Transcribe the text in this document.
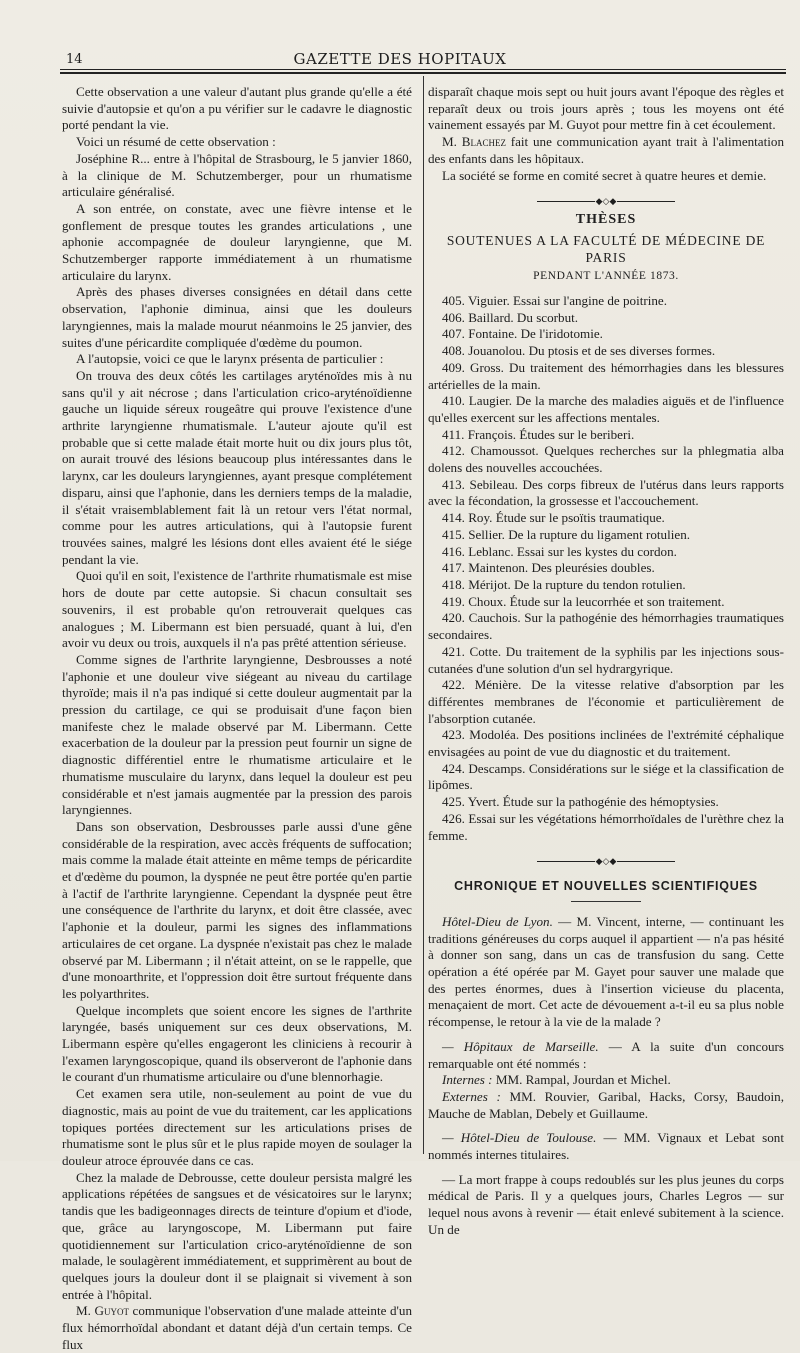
14	GAZETTE DES HOPITAUX

Cette observation a une valeur d'autant plus grande qu'elle a été suivie d'autopsie et qu'on a pu vérifier sur le cadavre le diagnostic porté pendant la vie.

Voici un résumé de cette observation :

Joséphine R... entre à l'hôpital de Strasbourg, le 5 janvier 1860, à la clinique de M. Schutzemberger, pour un rhumatisme articulaire généralisé.

A son entrée, on constate, avec une fièvre intense et le gonflement de presque toutes les grandes articulations , une aphonie accompagnée de douleur laryngienne, que M. Schutzemberger rapporte immédiatement à un rhumatisme articulaire du larynx.

Après des phases diverses consignées en détail dans cette observation, l'aphonie diminua, ainsi que les douleurs laryngiennes, mais la malade mourut néanmoins le 25 janvier, des suites d'une péricardite compliquée d'œdème du poumon.

A l'autopsie, voici ce que le larynx présenta de particulier :

On trouva des deux côtés les cartilages aryténoïdes mis à nu sans qu'il y ait nécrose ; dans l'articulation crico-aryténoïdienne gauche un liquide séreux rougeâtre qui prouve l'existence d'une arthrite laryngienne rhumatismale. L'auteur ajoute qu'il est probable que si cette malade était morte huit ou dix jours plus tôt, on aurait trouvé des lésions beaucoup plus intéressantes dans le larynx, car les douleurs laryngiennes, ayant presque complétement disparu, ainsi que l'aphonie, dans les derniers temps de la maladie, il s'était vraisemblablement fait là un retour vers l'état normal, comme pour les autres articulations, qui à l'autopsie furent trouvées saines, malgré les lésions dont elles avaient été le siége pendant la vie.

Quoi qu'il en soit, l'existence de l'arthrite rhumatismale est mise hors de doute par cette autopsie. Si chacun consultait ses souvenirs, il est probable qu'on retrouverait quelques cas analogues ; M. Libermann est bien persuadé, quant à lui, d'en avoir vu deux ou trois, auxquels il n'a pas prêté attention sérieuse.

Comme signes de l'arthrite laryngienne, Desbrousses a noté l'aphonie et une douleur vive siégeant au niveau du cartilage thyroïde; mais il n'a pas indiqué si cette douleur augmentait par la pression du cartilage, ce qui se produisait d'une façon bien manifeste chez le malade observé par M. Libermann. Cette exacerbation de la douleur par la pression peut fournir un signe de diagnostic différentiel entre le rhumatisme articulaire et le rhumatisme musculaire du larynx, dans lequel la douleur est peu considérable et n'est jamais augmentée par la pression des parois laryngiennes.

Dans son observation, Desbrousses parle aussi d'une gêne considérable de la respiration, avec accès fréquents de suffocation; mais comme la malade était atteinte en même temps de péricardite et d'œdème du poumon, la dyspnée ne peut être portée qu'en partie à l'actif de l'arthrite laryngienne. Cependant la dyspnée peut être une conséquence de l'arthrite du larynx, et doit être classée, avec l'aphonie et la douleur, parmi les signes des inflammations articulaires de cet organe. La dyspnée n'existait pas chez le malade observé par M. Libermann ; il n'était atteint, on se le rappelle, que d'une monoarthrite, et l'oppression doit être surtout fréquente dans les polyarthrites.

Quelque incomplets que soient encore les signes de l'arthrite laryngée, basés uniquement sur ces deux observations, M. Libermann espère qu'elles engageront les cliniciens à recourir à l'examen laryngoscopique, quand ils observeront de l'aphonie dans le courant d'un rhumatisme articulaire ou d'une blennorhagie.

Cet examen sera utile, non-seulement au point de vue du diagnostic, mais au point de vue du traitement, car les applications topiques portées directement sur les articulations prises de rhumatisme sont le plus sûr et le plus rapide moyen de soulager la douleur atroce éprouvée dans ce cas.

Chez la malade de Debrousse, cette douleur persista malgré les applications répétées de sangsues et de vésicatoires sur le larynx; tandis que les badigeonnages directs de teinture d'opium et d'iode, que, grâce au laryngoscope, M. Libermann put faire quotidiennement sur l'articulation crico-aryténoïdienne de son malade, le soulagèrent immédiatement, et supprimèrent au bout de quelques jours la douleur dont il se plaignait si vivement à son entrée à l'hôpital.

M. Guyot communique l'observation d'une malade atteinte d'un flux hémorrhoïdal abondant et datant déjà d'un certain temps. Ce flux

disparaît chaque mois sept ou huit jours avant l'époque des règles et reparaît deux ou trois jours après ; tous les moyens ont été vainement essayés par M. Guyot pour mettre fin à cet écoulement.

M. Blachez fait une communication ayant trait à l'alimentation des enfants dans les hôpitaux.

La société se forme en comité secret à quatre heures et demie.

◆◇◆
THÈSES
SOUTENUES A LA FACULTÉ DE MÉDECINE DE PARIS
PENDANT L'ANNÉE 1873.

405. Viguier. Essai sur l'angine de poitrine.

406. Baillard. Du scorbut.

407. Fontaine. De l'iridotomie.

408. Jouanolou. Du ptosis et de ses diverses formes.

409. Gross. Du traitement des hémorrhagies dans les blessures artérielles de la main.

410. Laugier. De la marche des maladies aiguës et de l'influence qu'elles exercent sur les affections mentales.

411. François. Études sur le beriberi.

412. Chamoussot. Quelques recherches sur la phlegmatia alba dolens des nouvelles accouchées.

413. Sebileau. Des corps fibreux de l'utérus dans leurs rapports avec la fécondation, la grossesse et l'accouchement.

414. Roy. Étude sur le psoïtis traumatique.

415. Sellier. De la rupture du ligament rotulien.

416. Leblanc. Essai sur les kystes du cordon.

417. Maintenon. Des pleurésies doubles.

418. Mérijot. De la rupture du tendon rotulien.

419. Choux. Étude sur la leucorrhée et son traitement.

420. Cauchois. Sur la pathogénie des hémorrhagies traumatiques secondaires.

421. Cotte. Du traitement de la syphilis par les injections sous-cutanées d'une solution d'un sel hydrargyrique.

422. Ménière. De la vitesse relative d'absorption par les différentes membranes de l'économie et particulièrement de l'absorption cutanée.

423. Modoléa. Des positions inclinées de l'extrémité céphalique envisagées au point de vue du diagnostic et du traitement.

424. Descamps. Considérations sur le siége et la classification de lipômes.

425. Yvert. Étude sur la pathogénie des hémoptysies.

426. Essai sur les végétations hémorrhoïdales de l'urèthre chez la femme.

◆◇◆
CHRONIQUE ET NOUVELLES SCIENTIFIQUES

Hôtel-Dieu de Lyon. — M. Vincent, interne, — continuant les traditions généreuses du corps auquel il appartient — n'a pas hésité à donner son sang, dans un cas de transfusion du sang. Cette opération a été opérée par M. Gayet pour sauver une malade que des pertes énormes, dues à l'insertion vicieuse du placenta, menaçaient de mort. Cet acte de dévouement a-t-il eu sa plus noble récompense, le retour à la vie de la malade ?

— Hôpitaux de Marseille. — A la suite d'un concours remarquable ont été nommés :

Internes : MM. Rampal, Jourdan et Michel.

Externes : MM. Rouvier, Garibal, Hacks, Corsy, Baudoin, Mauche de Mablan, Debely et Guillaume.

— Hôtel-Dieu de Toulouse. — MM. Vignaux et Lebat sont nommés internes titulaires.

— La mort frappe à coups redoublés sur les plus jeunes du corps médical de Paris. Il y a quelques jours, Charles Legros — sur lequel nous avons à revenir — était enlevé subitement à la science. Un de
